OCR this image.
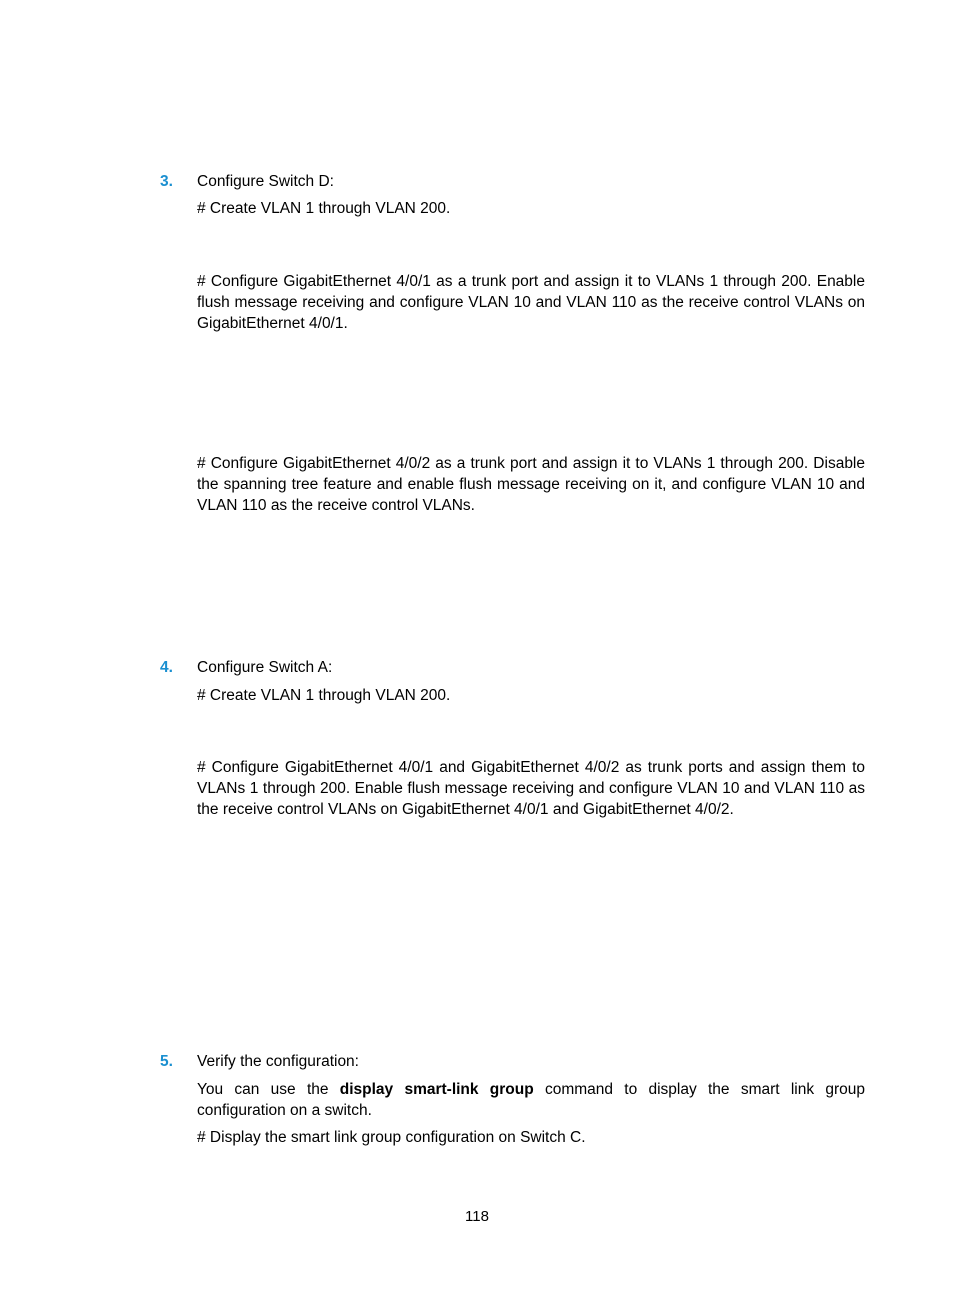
3. Configure Switch D:
# Create VLAN 1 through VLAN 200.
# Configure GigabitEthernet 4/0/1 as a trunk port and assign it to VLANs 1 through 200. Enable flush message receiving and configure VLAN 10 and VLAN 110 as the receive control VLANs on GigabitEthernet 4/0/1.
# Configure GigabitEthernet 4/0/2 as a trunk port and assign it to VLANs 1 through 200. Disable the spanning tree feature and enable flush message receiving on it, and configure VLAN 10 and VLAN 110 as the receive control VLANs.
4. Configure Switch A:
# Create VLAN 1 through VLAN 200.
# Configure GigabitEthernet 4/0/1 and GigabitEthernet 4/0/2 as trunk ports and assign them to VLANs 1 through 200. Enable flush message receiving and configure VLAN 10 and VLAN 110 as the receive control VLANs on GigabitEthernet 4/0/1 and GigabitEthernet 4/0/2.
5. Verify the configuration:
You can use the display smart-link group command to display the smart link group configuration on a switch.
# Display the smart link group configuration on Switch C.
118
